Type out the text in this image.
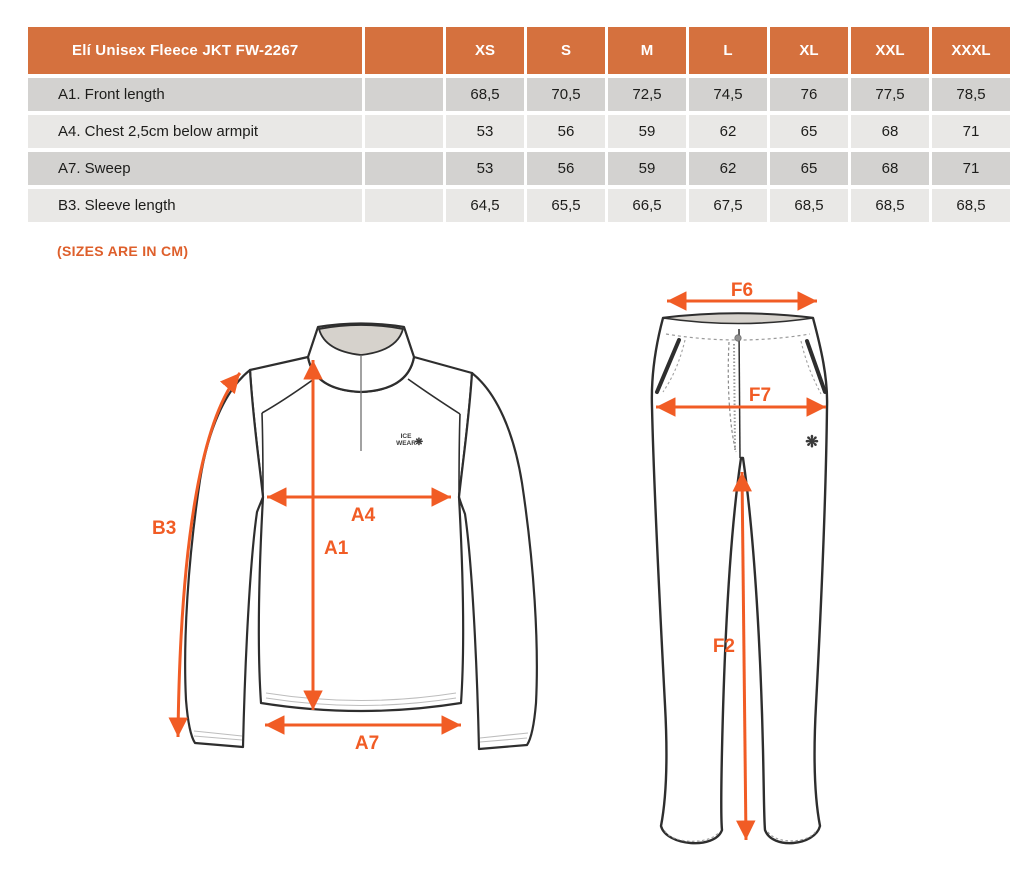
Elí Unisex Fleece JKT FW-2267	XS	S	M	L	XL	XXL	XXXL
A1. Front length	68,5	70,5	72,5	74,5	76	77,5	78,5
A4. Chest 2,5cm below armpit	53	56	59	62	65	68	71
A7. Sweep	53	56	59	62	65	68	71
B3. Sleeve length	64,5	65,5	66,5	67,5	68,5	68,5	68,5
(SIZES ARE IN CM)
ICE
WEAR
❋
B3
A1
A4
A7
❋
F6
F7
F2
